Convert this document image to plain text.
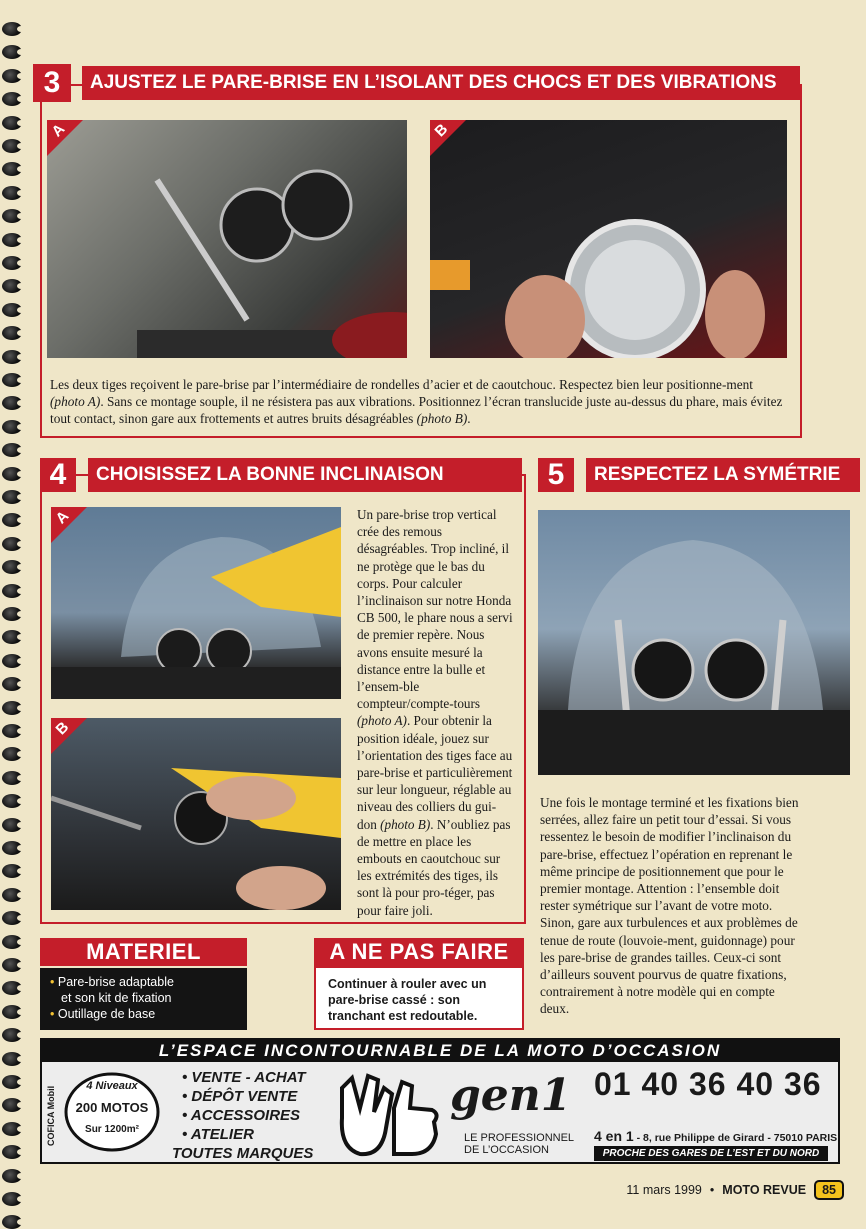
3	AJUSTEZ LE PARE-BRISE EN L’ISOLANT DES CHOCS ET DES VIBRATIONS
A	B
Les deux tiges reçoivent le pare-brise par l’intermédiaire de rondelles d’acier et de caoutchouc. Respectez bien leur positionne-ment (photo A). Sans ce montage souple, il ne résistera pas aux vibrations. Positionnez l’écran translucide juste au-dessus du phare, mais évitez tout contact, sinon gare aux frottements et autres bruits désagréables (photo B).
4	CHOISISSEZ LA BONNE INCLINAISON
A
B
Un pare-brise trop vertical crée des remous désagréables. Trop incliné, il ne protège que le bas du corps. Pour calculer l’inclinaison sur notre Honda CB 500, le phare nous a servi de premier repère. Nous avons ensuite mesuré la distance entre la bulle et l’ensem-ble compteur/compte-tours (photo A). Pour obtenir la position idéale, jouez sur l’orientation des tiges face au pare-brise et particulièrement sur leur longueur, réglable au niveau des colliers du gui-don (photo B). N’oubliez pas de mettre en place les embouts en caoutchouc sur les extrémités des tiges, ils sont là pour pro-téger, pas pour faire joli.
5	RESPECTEZ LA SYMÉTRIE
Une fois le montage terminé et les fixations bien serrées, allez faire un petit tour d’essai. Si vous ressentez le besoin de modifier l’inclinaison du pare-brise, effectuez l’opération en reprenant le même principe de positionnement que pour le premier montage. Attention : l’ensemble doit rester symétrique sur l’avant de votre moto. Sinon, gare aux turbulences et aux problèmes de tenue de route (louvoie-ment, guidonnage) pour les pare-brise de grandes tailles. Ceux-ci sont d’ailleurs souvent pourvus de quatre fixations, contrairement à notre modèle qui en compte deux.
MATERIEL
• Pare-brise adaptable
et son kit de fixation
• Outillage de base
A NE PAS FAIRE
Continuer à rouler avec un pare-brise cassé : son tranchant est redoutable.
L’ESPACE INCONTOURNABLE DE LA MOTO D’OCCASION
COFICA Mobil	4 Niveaux
200 MOTOS
Sur 1200m²
• VENTE - ACHAT
• DÉPÔT VENTE
• ACCESSOIRES
• ATELIER
TOUTES MARQUES
gen1
LE PROFESSIONNEL
DE L’OCCASION
01 40 36 40 36
4 en 1 - 8, rue Philippe de Girard - 75010 PARIS
PROCHE DES GARES DE L’EST ET DU NORD
11 mars 1999 • MOTO REVUE	85
